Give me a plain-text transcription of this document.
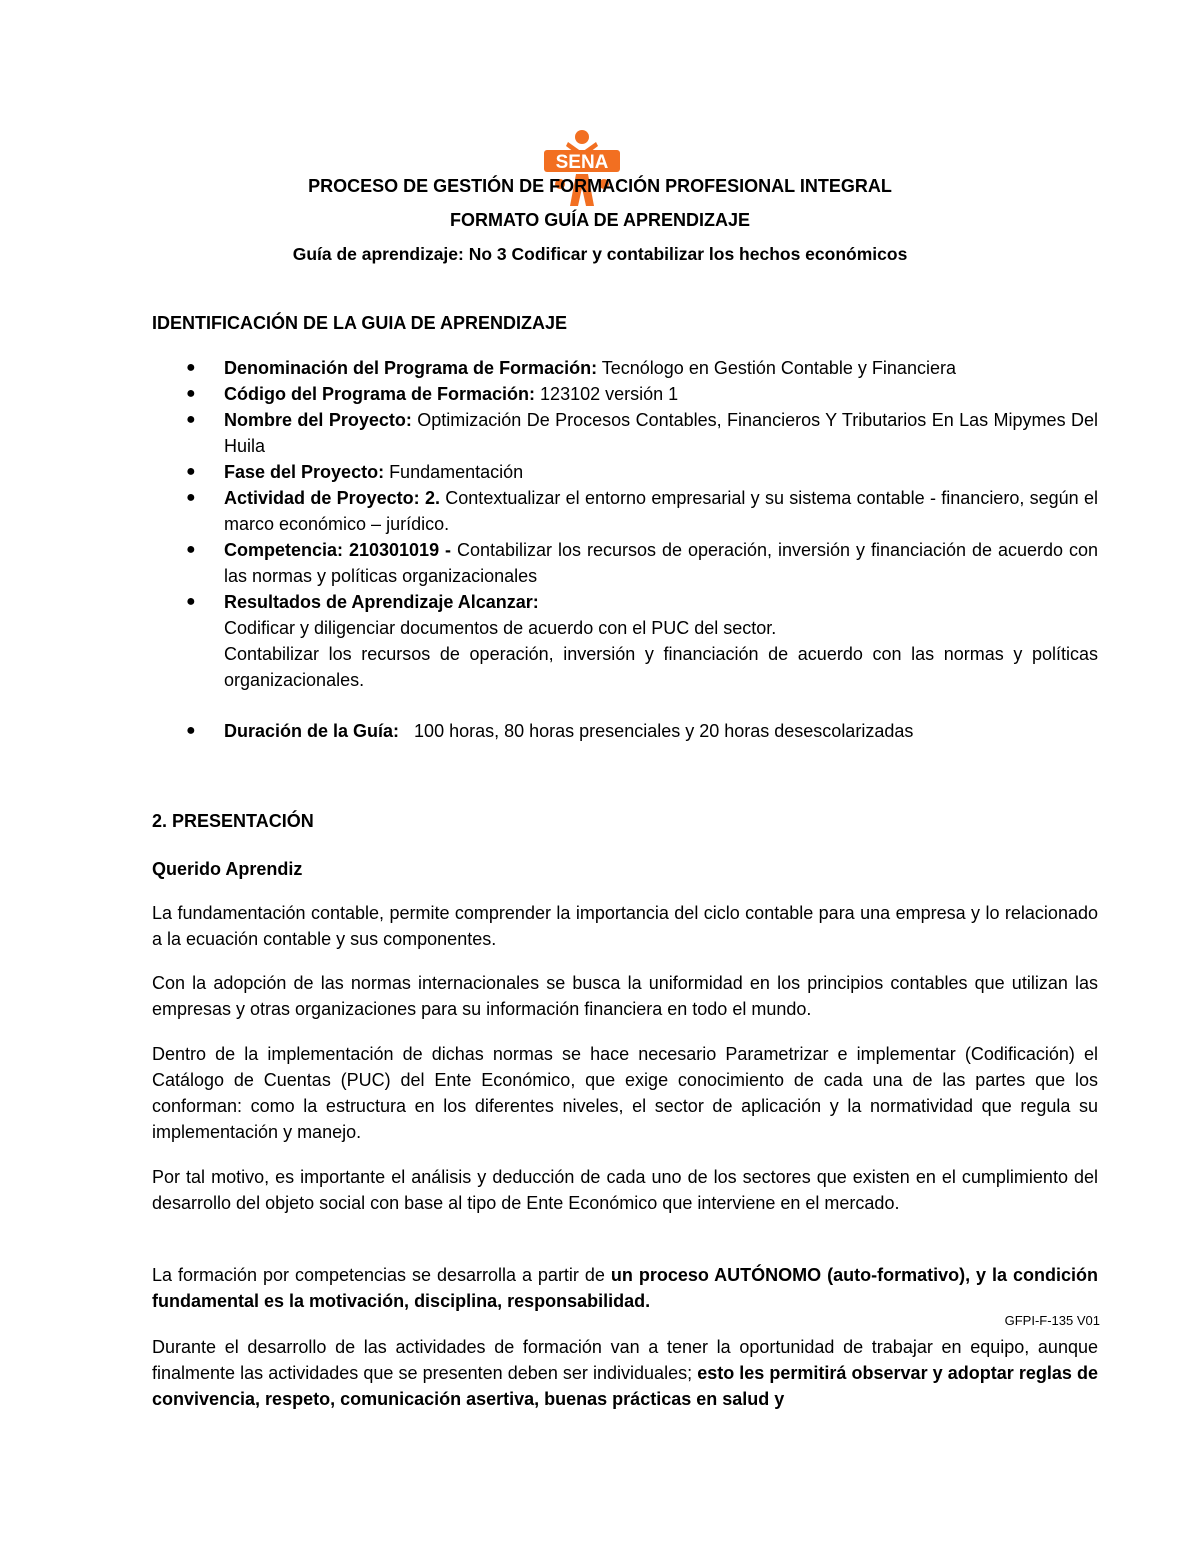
SENA
PROCESO DE GESTIÓN DE FORMACIÓN PROFESIONAL INTEGRAL
FORMATO GUÍA DE APRENDIZAJE
Guía de aprendizaje: No 3 Codificar y contabilizar los hechos económicos
IDENTIFICACIÓN DE LA GUIA DE APRENDIZAJE
● Denominación del Programa de Formación: Tecnólogo en Gestión Contable y Financiera
● Código del Programa de Formación: 123102 versión 1
● Nombre del Proyecto: Optimización De Procesos Contables, Financieros Y Tributarios En Las Mipymes Del Huila
● Fase del Proyecto: Fundamentación
● Actividad de Proyecto: 2. Contextualizar el entorno empresarial y su sistema contable - financiero, según el marco económico – jurídico.
● Competencia: 210301019 - Contabilizar los recursos de operación, inversión y financiación de acuerdo con las normas y políticas organizacionales
● Resultados de Aprendizaje Alcanzar:
Codificar y diligenciar documentos de acuerdo con el PUC del sector.
Contabilizar los recursos de operación, inversión y financiación de acuerdo con las normas y políticas organizacionales.
● Duración de la Guía:   100 horas, 80 horas presenciales y 20 horas desescolarizadas
2. PRESENTACIÓN
Querido Aprendiz

La fundamentación contable, permite comprender la importancia del ciclo contable para una empresa y lo relacionado a la ecuación contable y sus componentes.

Con la adopción de las normas internacionales se busca la uniformidad en los principios contables que utilizan las empresas y otras organizaciones para su información financiera en todo el mundo.

Dentro de la implementación de dichas normas se hace necesario Parametrizar e implementar (Codificación) el Catálogo de Cuentas (PUC) del Ente Económico, que exige conocimiento de cada una de las partes que los conforman: como la estructura en los diferentes niveles, el sector de aplicación y la normatividad que regula su implementación y manejo.

Por tal motivo, es importante el análisis y deducción de cada uno de los sectores que existen en el cumplimiento del desarrollo del objeto social con base al tipo de Ente Económico que interviene en el mercado.

La formación por competencias se desarrolla a partir de un proceso AUTÓNOMO (auto-formativo), y la condición fundamental es la motivación, disciplina, responsabilidad.

GFPI-F-135 V01

Durante el desarrollo de las actividades de formación van a tener la oportunidad de trabajar en equipo, aunque finalmente las actividades que se presenten deben ser individuales; esto les permitirá observar y adoptar reglas de convivencia, respeto, comunicación asertiva, buenas prácticas en salud y
